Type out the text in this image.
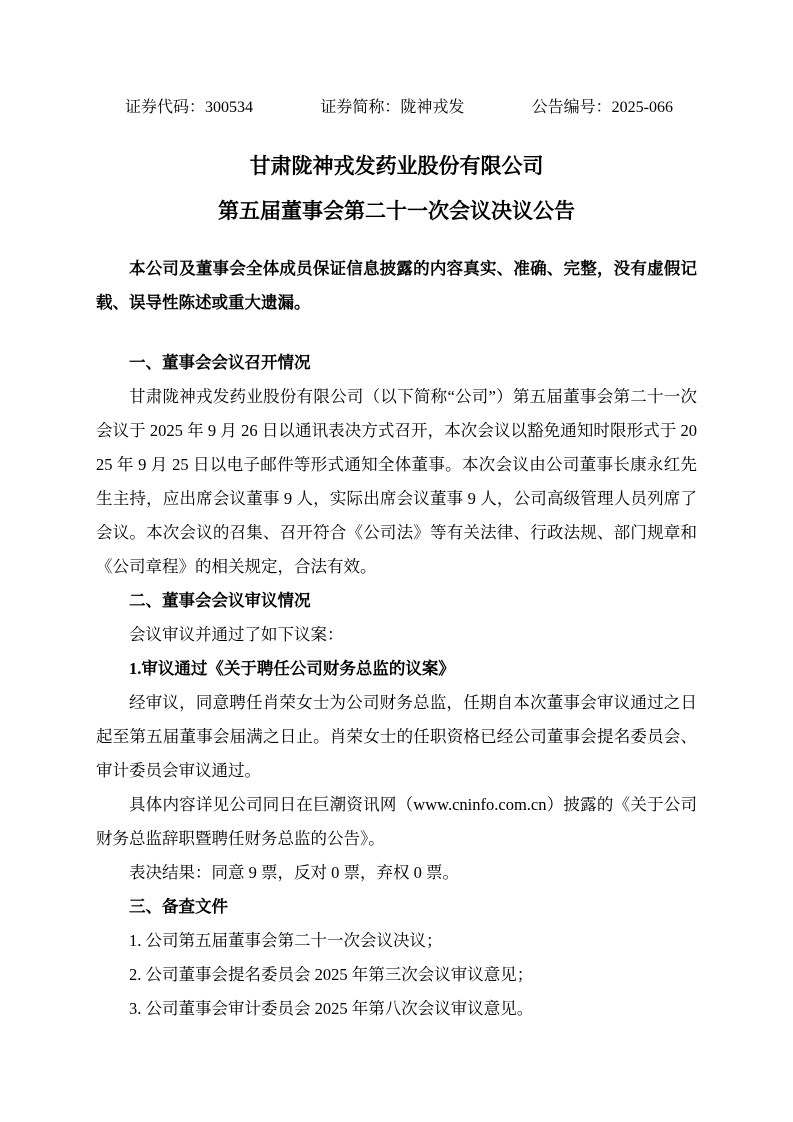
证券代码：300534	证券简称：陇神戎发	公告编号：2025-066
甘肃陇神戎发药业股份有限公司
第五届董事会第二十一次会议决议公告

本公司及董事会全体成员保证信息披露的内容真实、准确、完整，没有虚假记载、误导性陈述或重大遗漏。

一、董事会会议召开情况

甘肃陇神戎发药业股份有限公司（以下简称“公司”）第五届董事会第二十一次会议于 2025 年 9 月 26 日以通讯表决方式召开，本次会议以豁免通知时限形式于 2025 年 9 月 25 日以电子邮件等形式通知全体董事。本次会议由公司董事长康永红先生主持，应出席会议董事 9 人，实际出席会议董事 9 人，公司高级管理人员列席了会议。本次会议的召集、召开符合《公司法》等有关法律、行政法规、部门规章和《公司章程》的相关规定，合法有效。

二、董事会会议审议情况

会议审议并通过了如下议案：

1.审议通过《关于聘任公司财务总监的议案》

经审议，同意聘任肖荣女士为公司财务总监，任期自本次董事会审议通过之日起至第五届董事会届满之日止。肖荣女士的任职资格已经公司董事会提名委员会、审计委员会审议通过。

具体内容详见公司同日在巨潮资讯网（www.cninfo.com.cn）披露的《关于公司财务总监辞职暨聘任财务总监的公告》。

表决结果：同意 9 票，反对 0 票，弃权 0 票。

三、备查文件

1. 公司第五届董事会第二十一次会议决议；

2. 公司董事会提名委员会 2025 年第三次会议审议意见；

3. 公司董事会审计委员会 2025 年第八次会议审议意见。
